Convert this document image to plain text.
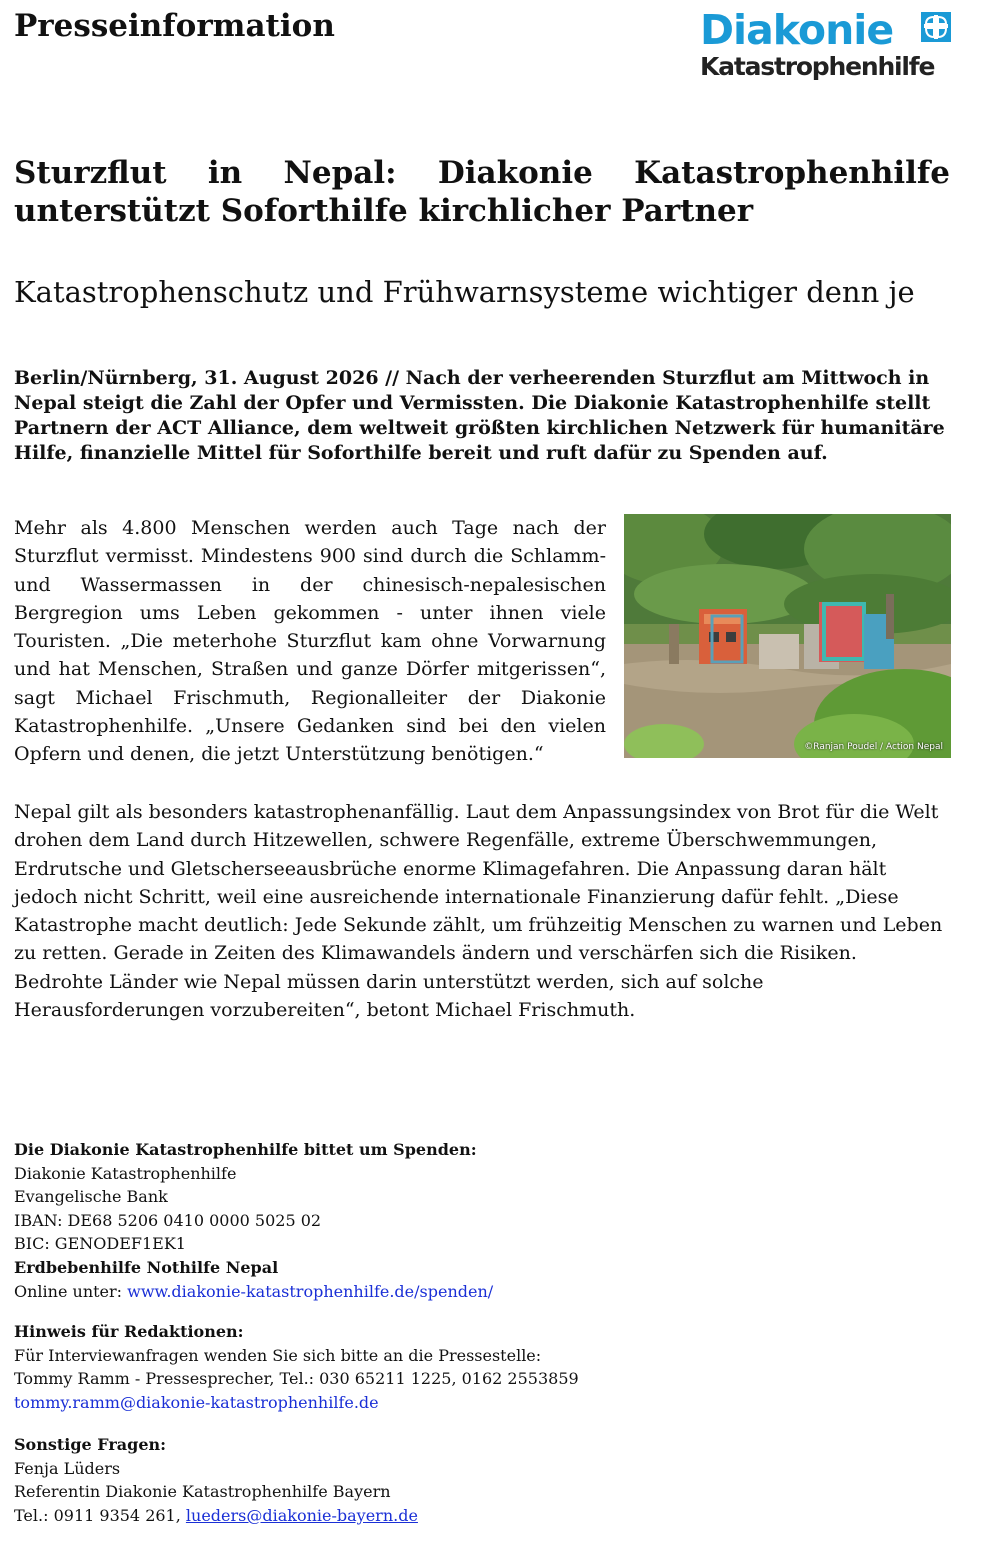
Presseinformation	Diakonie
Katastrophenhilfe
Sturzflut in Nepal: Diakonie Katastrophenhilfe unterstützt Soforthilfe kirchlicher Partner
Katastrophenschutz und Frühwarnsysteme wichtiger denn je
Berlin/Nürnberg, 31. August 2026 // Nach der verheerenden Sturzflut am Mittwoch in Nepal steigt die Zahl der Opfer und Vermissten. Die Diakonie Katastrophenhilfe stellt Partnern der ACT Alliance, dem weltweit größten kirchlichen Netzwerk für humanitäre Hilfe, finanzielle Mittel für Soforthilfe bereit und ruft dafür zu Spenden auf.
Mehr als 4.800 Menschen werden auch Tage nach der Sturzflut vermisst. Mindestens 900 sind durch die Schlamm- und Wassermassen in der chinesisch-nepalesischen Bergregion ums Leben gekommen - unter ihnen viele Touristen. „Die meterhohe Sturzflut kam ohne Vorwarnung und hat Menschen, Straßen und ganze Dörfer mitgerissen“, sagt Michael Frischmuth, Regionalleiter der Diakonie Katastrophenhilfe. „Unsere Gedanken sind bei den vielen Opfern und denen, die jetzt Unterstützung benötigen.“	©Ranjan Poudel / Action Nepal
Nepal gilt als besonders katastrophenanfällig. Laut dem Anpassungsindex von Brot für die Welt drohen dem Land durch Hitzewellen, schwere Regenfälle, extreme Überschwemmungen, Erdrutsche und Gletscherseeausbrüche enorme Klimagefahren. Die Anpassung daran hält jedoch nicht Schritt, weil eine ausreichende internationale Finanzierung dafür fehlt. „Diese Katastrophe macht deutlich: Jede Sekunde zählt, um frühzeitig Menschen zu warnen und Leben zu retten. Gerade in Zeiten des Klimawandels ändern und verschärfen sich die Risiken. Bedrohte Länder wie Nepal müssen darin unterstützt werden, sich auf solche Herausforderungen vorzubereiten“, betont Michael Frischmuth.
Die Diakonie Katastrophenhilfe bittet um Spenden:
Diakonie Katastrophenhilfe
Evangelische Bank
IBAN: DE68 5206 0410 0000 5025 02
BIC: GENODEF1EK1
Erdbebenhilfe Nothilfe Nepal
Online unter: www.diakonie-katastrophenhilfe.de/spenden/
Hinweis für Redaktionen:
Für Interviewanfragen wenden Sie sich bitte an die Pressestelle:
Tommy Ramm - Pressesprecher, Tel.: 030 65211 1225, 0162 2553859
tommy.ramm@diakonie-katastrophenhilfe.de
Sonstige Fragen:
Fenja Lüders
Referentin Diakonie Katastrophenhilfe Bayern
Tel.: 0911 9354 261, lueders@diakonie-bayern.de
